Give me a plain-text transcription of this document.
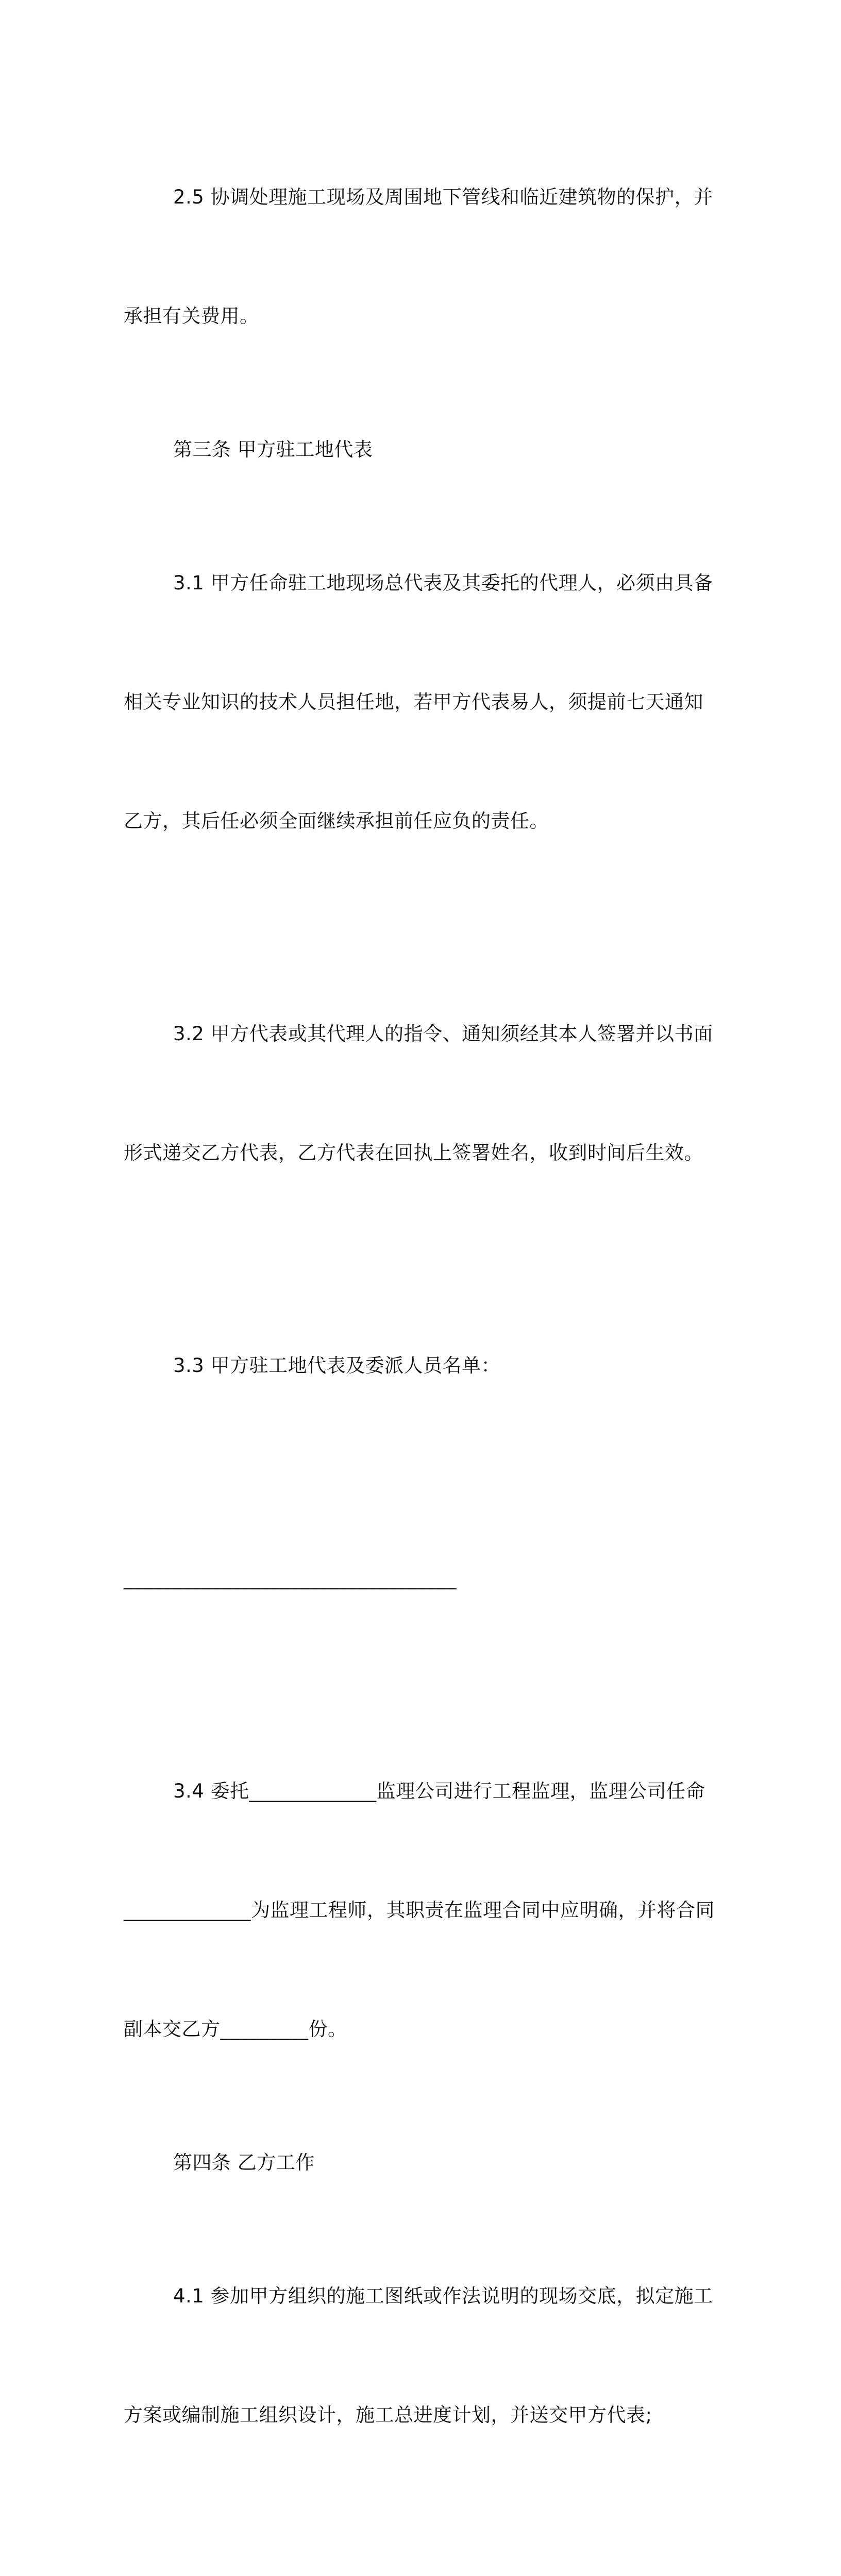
2.5 协调处理施工现场及周围地下管线和临近建筑物的保护，并

承担有关费用。

第三条 甲方驻工地代表

3.1 甲方任命驻工地现场总代表及其委托的代理人，必须由具备

相关专业知识的技术人员担任地，若甲方代表易人，须提前七天通知

乙方，其后任必须全面继续承担前任应负的责任。

3.2 甲方代表或其代理人的指令、通知须经其本人签署并以书面

形式递交乙方代表，乙方代表在回执上签署姓名，收到时间后生效。

3.3 甲方驻工地代表及委派人员名单：

__________________________________

3.4 委托_____________监理公司进行工程监理，监理公司任命

_____________为监理工程师，其职责在监理合同中应明确，并将合同

副本交乙方_________份。

第四条 乙方工作

4.1 参加甲方组织的施工图纸或作法说明的现场交底，拟定施工

方案或编制施工组织设计，施工总进度计划，并送交甲方代表;
